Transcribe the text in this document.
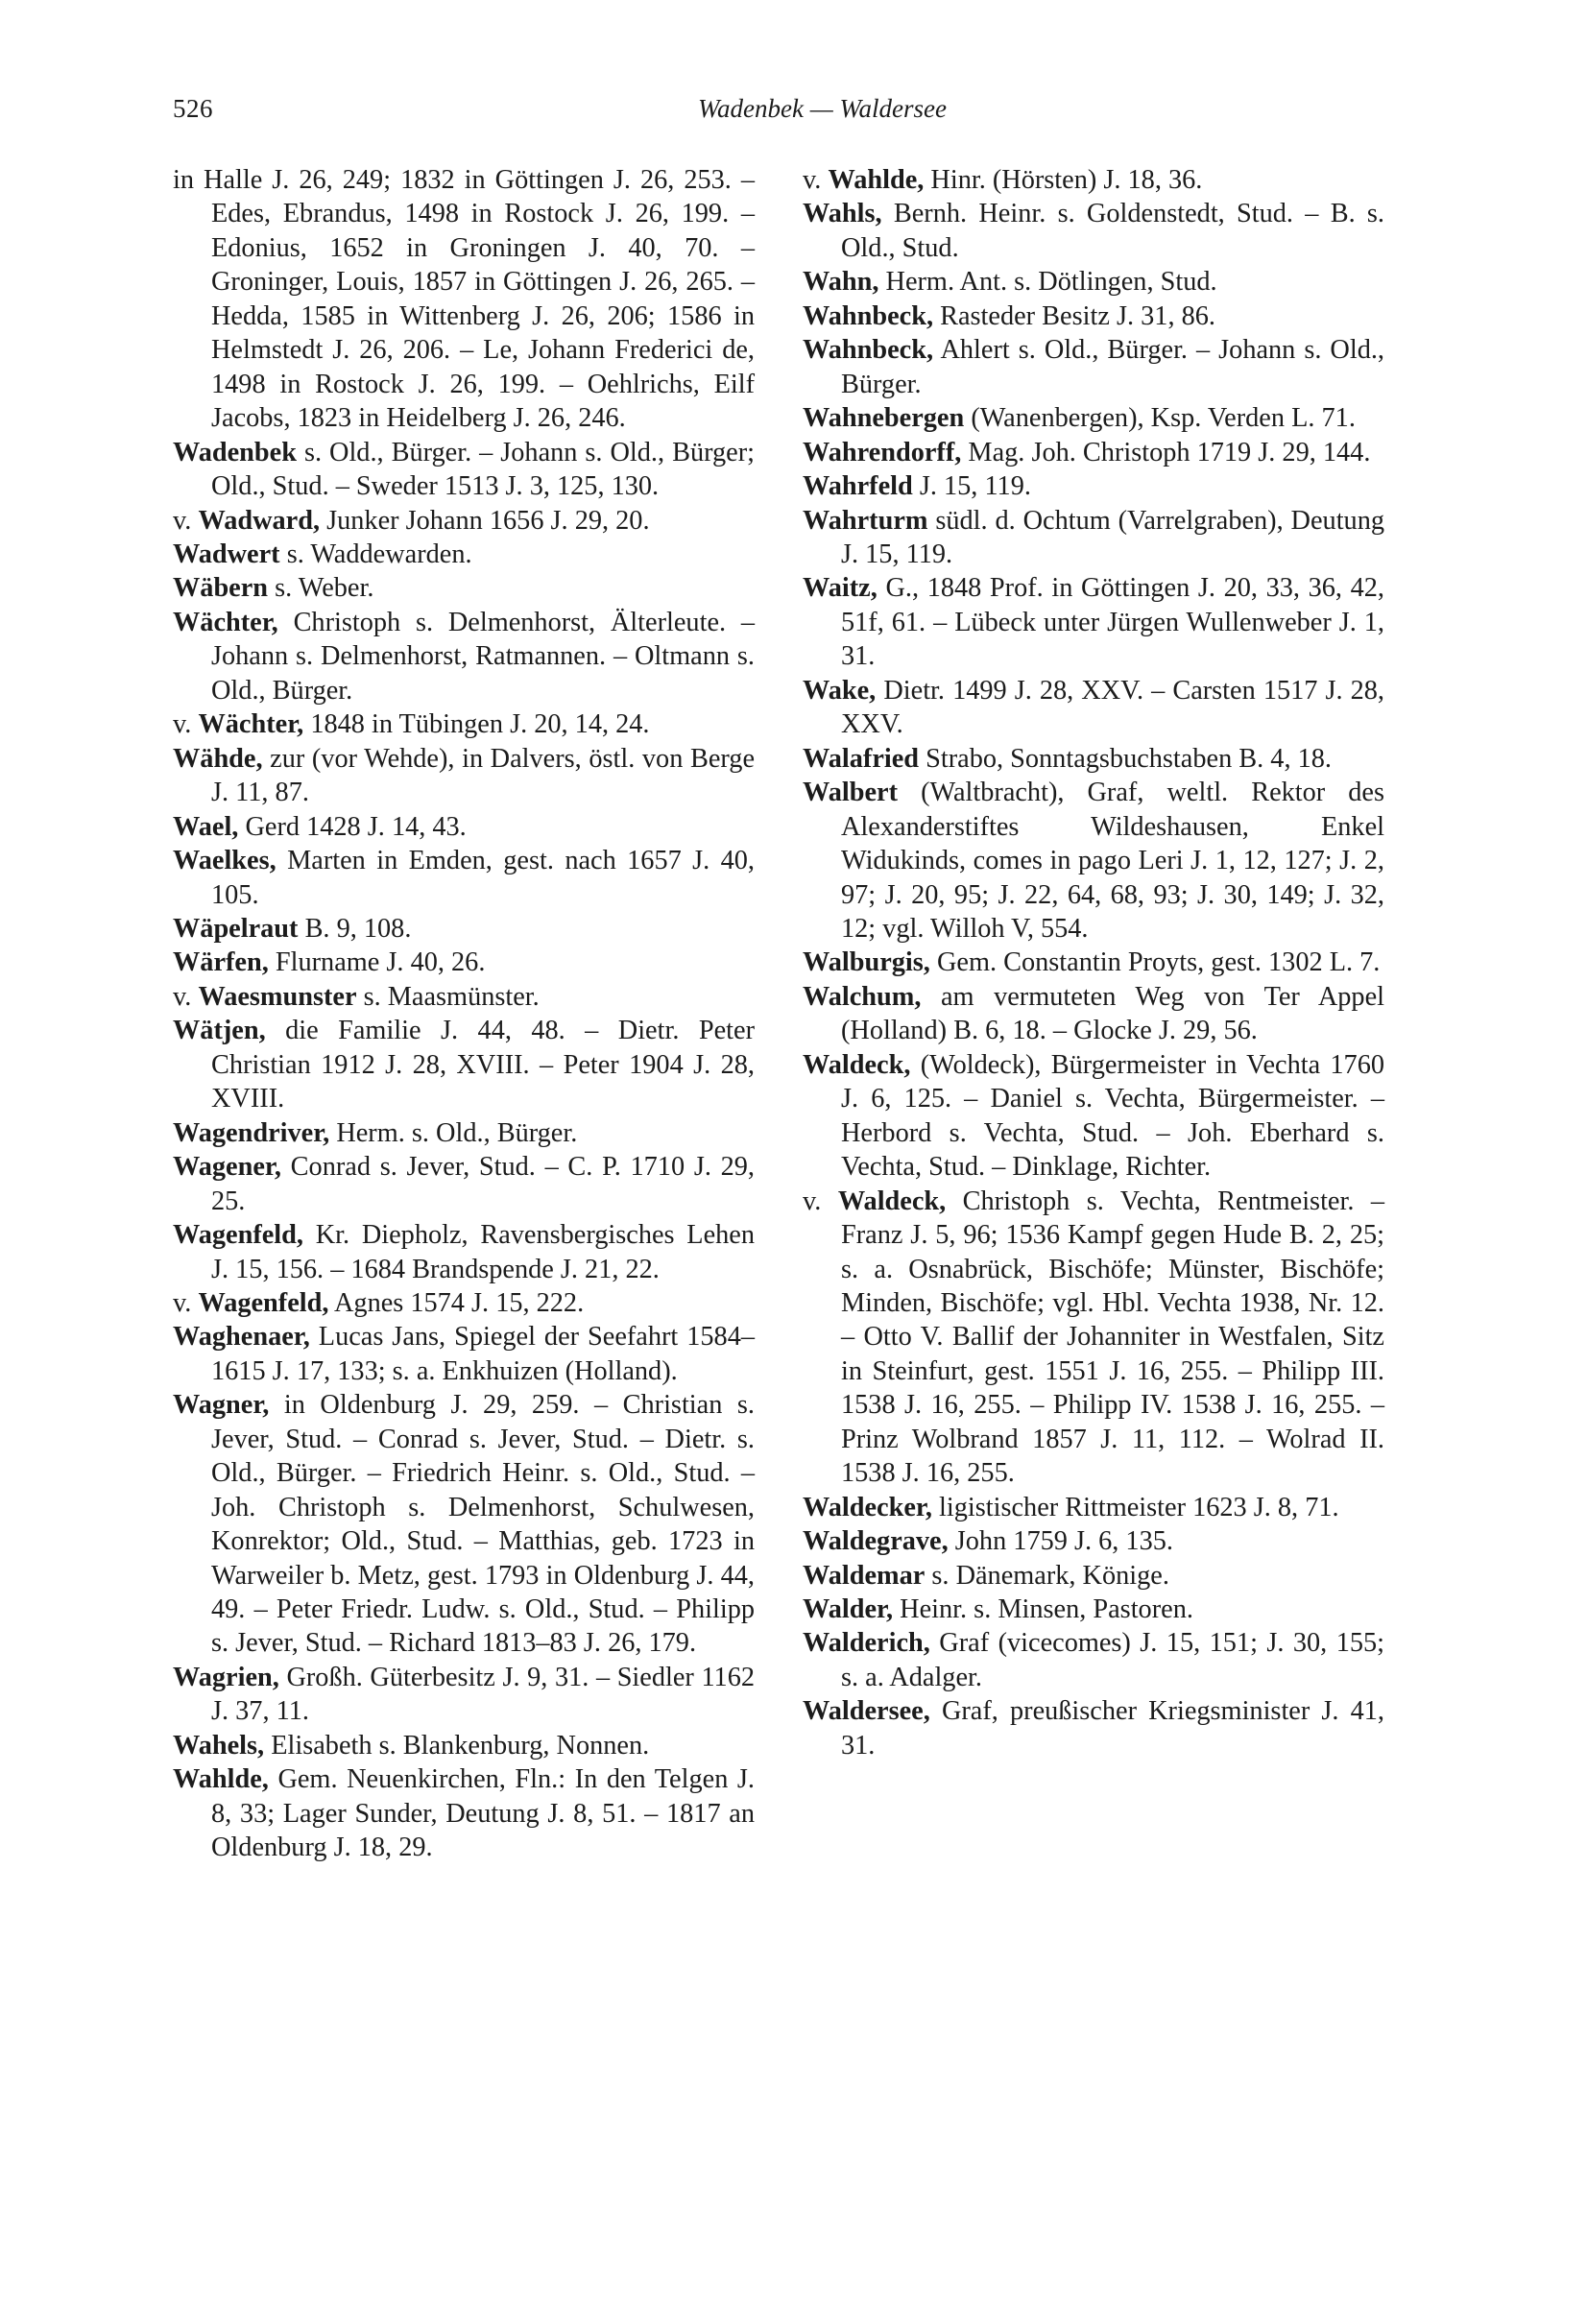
526	Wadenbek — Waldersee

in Halle J. 26, 249; 1832 in Göttingen J. 26, 253. – Edes, Ebrandus, 1498 in Rostock J. 26, 199. – Edonius, 1652 in Groningen J. 40, 70. – Groninger, Louis, 1857 in Göttingen J. 26, 265. – Hedda, 1585 in Wittenberg J. 26, 206; 1586 in Helmstedt J. 26, 206. – Le, Johann Frederici de, 1498 in Rostock J. 26, 199. – Oehlrichs, Eilf Jacobs, 1823 in Heidelberg J. 26, 246.

Wadenbek s. Old., Bürger. – Johann s. Old., Bürger; Old., Stud. – Sweder 1513 J. 3, 125, 130.

v. Wadward, Junker Johann 1656 J. 29, 20.

Wadwert s. Waddewarden.

Wäbern s. Weber.

Wächter, Christoph s. Delmenhorst, Älterleute. – Johann s. Delmenhorst, Ratmannen. – Oltmann s. Old., Bürger.

v. Wächter, 1848 in Tübingen J. 20, 14, 24.

Wähde, zur (vor Wehde), in Dalvers, östl. von Berge J. 11, 87.

Wael, Gerd 1428 J. 14, 43.

Waelkes, Marten in Emden, gest. nach 1657 J. 40, 105.

Wäpelraut B. 9, 108.

Wärfen, Flurname J. 40, 26.

v. Waesmunster s. Maasmünster.

Wätjen, die Familie J. 44, 48. – Dietr. Peter Christian 1912 J. 28, XVIII. – Peter 1904 J. 28, XVIII.

Wagendriver, Herm. s. Old., Bürger.

Wagener, Conrad s. Jever, Stud. – C. P. 1710 J. 29, 25.

Wagenfeld, Kr. Diepholz, Ravensbergisches Lehen J. 15, 156. – 1684 Brandspende J. 21, 22.

v. Wagenfeld, Agnes 1574 J. 15, 222.

Waghenaer, Lucas Jans, Spiegel der Seefahrt 1584–1615 J. 17, 133; s. a. Enkhuizen (Holland).

Wagner, in Oldenburg J. 29, 259. – Christian s. Jever, Stud. – Conrad s. Jever, Stud. – Dietr. s. Old., Bürger. – Friedrich Heinr. s. Old., Stud. – Joh. Christoph s. Delmenhorst, Schulwesen, Konrektor; Old., Stud. – Matthias, geb. 1723 in Warweiler b. Metz, gest. 1793 in Oldenburg J. 44, 49. – Peter Friedr. Ludw. s. Old., Stud. – Philipp s. Jever, Stud. – Richard 1813–83 J. 26, 179.

Wagrien, Großh. Güterbesitz J. 9, 31. – Siedler 1162 J. 37, 11.

Wahels, Elisabeth s. Blankenburg, Nonnen.

Wahlde, Gem. Neuenkirchen, Fln.: In den Telgen J. 8, 33; Lager Sunder, Deutung J. 8, 51. – 1817 an Oldenburg J. 18, 29.

v. Wahlde, Hinr. (Hörsten) J. 18, 36.

Wahls, Bernh. Heinr. s. Goldenstedt, Stud. – B. s. Old., Stud.

Wahn, Herm. Ant. s. Dötlingen, Stud.

Wahnbeck, Rasteder Besitz J. 31, 86.

Wahnbeck, Ahlert s. Old., Bürger. – Johann s. Old., Bürger.

Wahnebergen (Wanenbergen), Ksp. Verden L. 71.

Wahrendorff, Mag. Joh. Christoph 1719 J. 29, 144.

Wahrfeld J. 15, 119.

Wahrturm südl. d. Ochtum (Varrelgraben), Deutung J. 15, 119.

Waitz, G., 1848 Prof. in Göttingen J. 20, 33, 36, 42, 51f, 61. – Lübeck unter Jürgen Wullenweber J. 1, 31.

Wake, Dietr. 1499 J. 28, XXV. – Carsten 1517 J. 28, XXV.

Walafried Strabo, Sonntagsbuchstaben B. 4, 18.

Walbert (Waltbracht), Graf, weltl. Rektor des Alexanderstiftes Wildeshausen, Enkel Widukinds, comes in pago Leri J. 1, 12, 127; J. 2, 97; J. 20, 95; J. 22, 64, 68, 93; J. 30, 149; J. 32, 12; vgl. Willoh V, 554.

Walburgis, Gem. Constantin Proyts, gest. 1302 L. 7.

Walchum, am vermuteten Weg von Ter Appel (Holland) B. 6, 18. – Glocke J. 29, 56.

Waldeck, (Woldeck), Bürgermeister in Vechta 1760 J. 6, 125. – Daniel s. Vechta, Bürgermeister. – Herbord s. Vechta, Stud. – Joh. Eberhard s. Vechta, Stud. – Dinklage, Richter.

v. Waldeck, Christoph s. Vechta, Rentmeister. – Franz J. 5, 96; 1536 Kampf gegen Hude B. 2, 25; s. a. Osnabrück, Bischöfe; Münster, Bischöfe; Minden, Bischöfe; vgl. Hbl. Vechta 1938, Nr. 12. – Otto V. Ballif der Johanniter in Westfalen, Sitz in Steinfurt, gest. 1551 J. 16, 255. – Philipp III. 1538 J. 16, 255. – Philipp IV. 1538 J. 16, 255. – Prinz Wolbrand 1857 J. 11, 112. – Wolrad II. 1538 J. 16, 255.

Waldecker, ligistischer Rittmeister 1623 J. 8, 71.

Waldegrave, John 1759 J. 6, 135.

Waldemar s. Dänemark, Könige.

Walder, Heinr. s. Minsen, Pastoren.

Walderich, Graf (vicecomes) J. 15, 151; J. 30, 155; s. a. Adalger.

Waldersee, Graf, preußischer Kriegsminister J. 41, 31.
